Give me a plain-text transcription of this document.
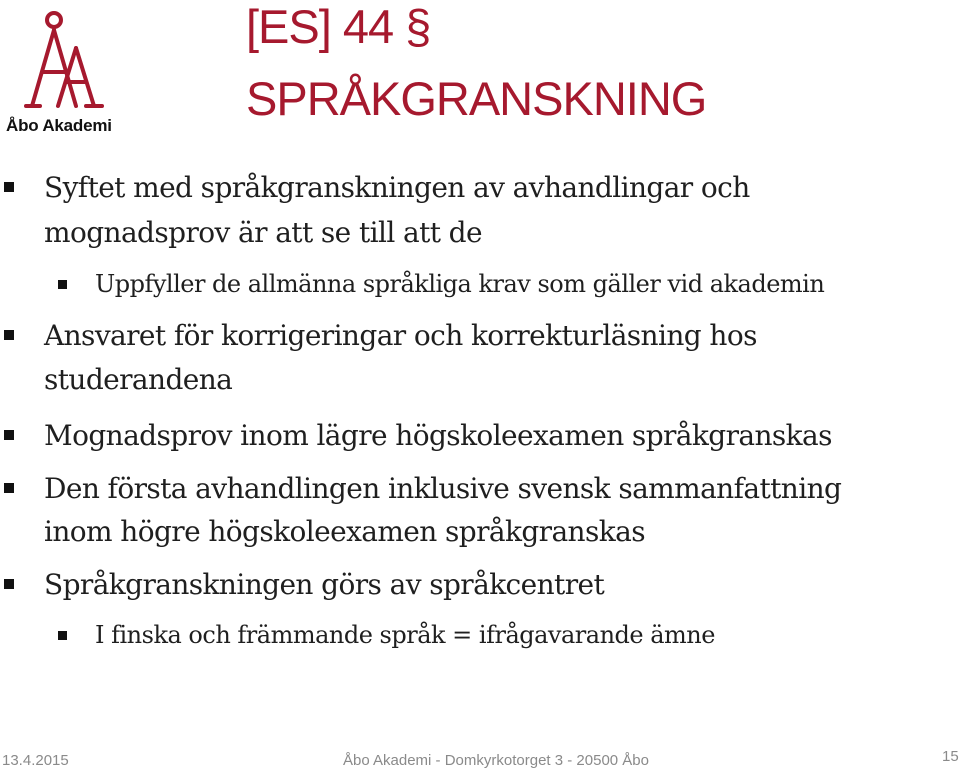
Åbo Akademi
[ES] 44 §
SPRÅKGRANSKNING
Syftet med språkgranskningen av avhandlingar och
mognadsprov är att se till att de
Uppfyller de allmänna språkliga krav som gäller vid akademin
Ansvaret för korrigeringar och korrekturläsning hos
studerandena
Mognadsprov inom lägre högskoleexamen språkgranskas
Den första avhandlingen inklusive svensk sammanfattning
inom högre högskoleexamen språkgranskas
Språkgranskningen görs av språkcentret
I finska och främmande språk = ifrågavarande ämne
13.4.2015	Åbo Akademi - Domkyrkotorget 3 - 20500 Åbo	15
